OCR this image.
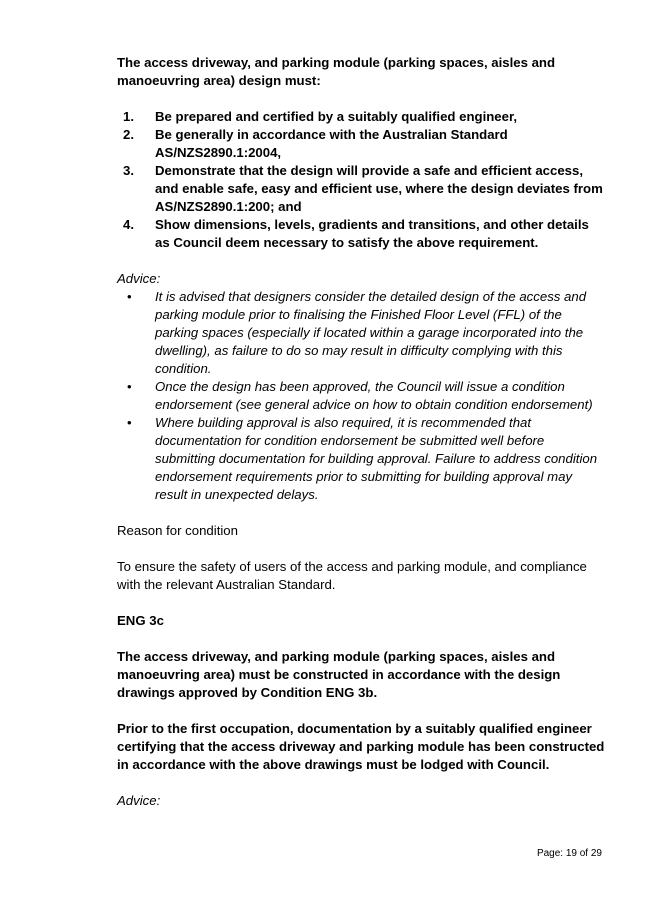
The access driveway, and parking module (parking spaces, aisles and manoeuvring area) design must:

1. Be prepared and certified by a suitably qualified engineer,
2. Be generally in accordance with the Australian Standard AS/NZS2890.1:2004,
3. Demonstrate that the design will provide a safe and efficient access, and enable safe, easy and efficient use, where the design deviates from AS/NZS2890.1:200; and
4. Show dimensions, levels, gradients and transitions, and other details as Council deem necessary to satisfy the above requirement.

Advice:

• It is advised that designers consider the detailed design of the access and parking module prior to finalising the Finished Floor Level (FFL) of the parking spaces (especially if located within a garage incorporated into the dwelling), as failure to do so may result in difficulty complying with this condition.
• Once the design has been approved, the Council will issue a condition endorsement (see general advice on how to obtain condition endorsement)
• Where building approval is also required, it is recommended that documentation for condition endorsement be submitted well before submitting documentation for building approval. Failure to address condition endorsement requirements prior to submitting for building approval may result in unexpected delays.

Reason for condition

To ensure the safety of users of the access and parking module, and compliance with the relevant Australian Standard.

ENG 3c

The access driveway, and parking module (parking spaces, aisles and manoeuvring area) must be constructed in accordance with the design drawings approved by Condition ENG 3b.

Prior to the first occupation, documentation by a suitably qualified engineer certifying that the access driveway and parking module has been constructed in accordance with the above drawings must be lodged with Council.

Advice:

Page: 19 of 29
